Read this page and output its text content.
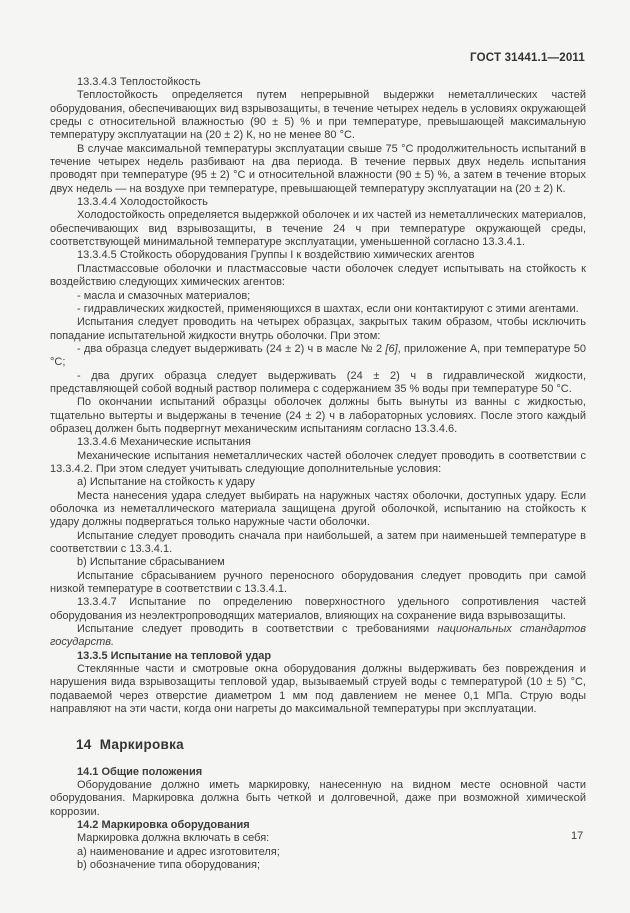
ГОСТ 31441.1—2011

13.3.4.3 Теплостойкость

Теплостойкость определяется путем непрерывной выдержки неметаллических частей оборудования, обеспечивающих вид взрывозащиты, в течение четырех недель в условиях окружающей среды с относительной влажностью (90 ± 5) % и при температуре, превышающей максимальную температуру эксплуатации на (20 ± 2) К, но не менее 80 °С.

В случае максимальной температуры эксплуатации свыше 75 °С продолжительность испытаний в течение четырех недель разбивают на два периода. В течение первых двух недель испытания проводят при температуре (95 ± 2) °С и относительной влажности (90 ± 5) %, а затем в течение вторых двух недель — на воздухе при температуре, превышающей температуру эксплуатации на (20 ± 2) К.

13.3.4.4 Холодостойкость

Холодостойкость определяется выдержкой оболочек и их частей из неметаллических материалов, обеспечивающих вид взрывозащиты, в течение 24 ч при температуре окружающей среды, соответствующей минимальной температуре эксплуатации, уменьшенной согласно 13.3.4.1.

13.3.4.5 Стойкость оборудования Группы I к воздействию химических агентов

Пластмассовые оболочки и пластмассовые части оболочек следует испытывать на стойкость к воздействию следующих химических агентов:

- масла и смазочных материалов;

- гидравлических жидкостей, применяющихся в шахтах, если они контактируют с этими агентами.

Испытания следует проводить на четырех образцах, закрытых таким образом, чтобы исключить попадание испытательной жидкости внутрь оболочки. При этом:

- два образца следует выдерживать (24 ± 2) ч в масле № 2 [6], приложение А, при температуре 50 °С;

- два других образца следует выдерживать (24 ± 2) ч в гидравлической жидкости, представляющей собой водный раствор полимера с содержанием 35 % воды при температуре 50 °С.

По окончании испытаний образцы оболочек должны быть вынуты из ванны с жидкостью, тщательно вытерты и выдержаны в течение (24 ± 2) ч в лабораторных условиях. После этого каждый образец должен быть подвергнут механическим испытаниям согласно 13.3.4.6.

13.3.4.6 Механические испытания

Механические испытания неметаллических частей оболочек следует проводить в соответствии с 13.3.4.2. При этом следует учитывать следующие дополнительные условия:

а) Испытание на стойкость к удару

Места нанесения удара следует выбирать на наружных частях оболочки, доступных удару. Если оболочка из неметаллического материала защищена другой оболочкой, испытанию на стойкость к удару должны подвергаться только наружные части оболочки.

Испытание следует проводить сначала при наибольшей, а затем при наименьшей температуре в соответствии с 13.3.4.1.

b) Испытание сбрасыванием

Испытание сбрасыванием ручного переносного оборудования следует проводить при самой низкой температуре в соответствии с 13.3.4.1.

13.3.4.7 Испытание по определению поверхностного удельного сопротивления частей оборудования из неэлектропроводящих материалов, влияющих на сохранение вида взрывозащиты.

Испытание следует проводить в соответствии с требованиями национальных стандартов государств.

13.3.5 Испытание на тепловой удар

Стеклянные части и смотровые окна оборудования должны выдерживать без повреждения и нарушения вида взрывозащиты тепловой удар, вызываемый струей воды с температурой (10 ± 5) °С, подаваемой через отверстие диаметром 1 мм под давлением не менее 0,1 МПа. Струю воды направляют на эти части, когда они нагреты до максимальной температуры при эксплуатации.

14  Маркировка

14.1 Общие положения

Оборудование должно иметь маркировку, нанесенную на видном месте основной части оборудования. Маркировка должна быть четкой и долговечной, даже при возможной химической коррозии.

14.2 Маркировка оборудования

Маркировка должна включать в себя:

а) наименование и адрес изготовителя;

b) обозначение типа оборудования;

17
